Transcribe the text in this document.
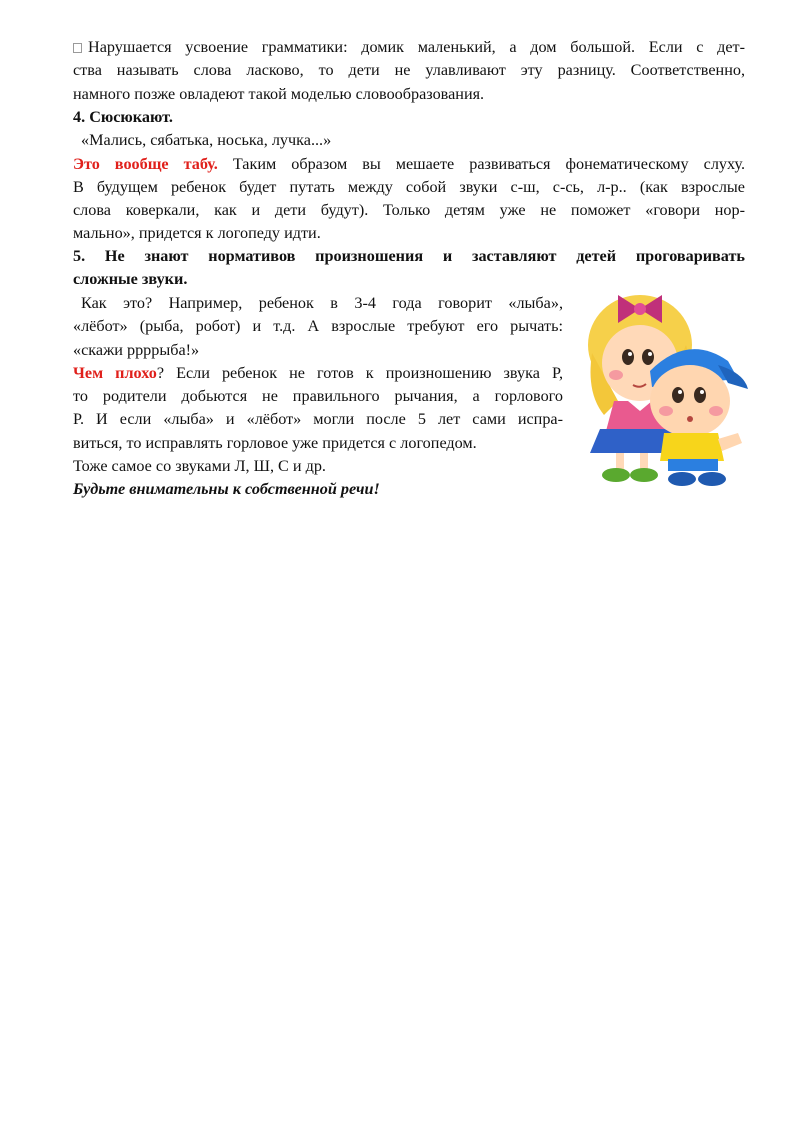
Нарушается усвоение грамматики: домик маленький, а дом большой. Если с дет-
ства называть слова ласково, то дети не улавливают эту разницу. Соответственно,
намного позже овладеют такой моделью словообразования.
4. Сюсюкают.
«Мались, сябатька, носька, лучка...»
Это вообще табу. Таким образом вы мешаете развиваться фонематическому слуху.
В будущем ребенок будет путать между собой звуки с-ш, с-сь, л-р.. (как взрослые
слова коверкали, как и дети будут). Только детям уже не поможет «говори нор-
мально», придется к логопеду идти.
5. Не знают нормативов произношения и заставляют детей проговаривать
сложные звуки.
Как это? Например, ребенок в 3-4 года говорит «лыба»,
«лёбот» (рыба, робот) и т.д. А взрослые требуют его рычать:
«скажи ррррыба!»
Чем плохо? Если ребенок не готов к произношению звука Р,
то родители добьются не правильного рычания, а горлового
Р. И если «лыба» и «лёбот» могли после 5 лет сами испра-
виться, то исправлять горловое уже придется с логопедом.
Тоже самое со звуками Л, Ш, С и др.
Будьте внимательны к собственной речи!
